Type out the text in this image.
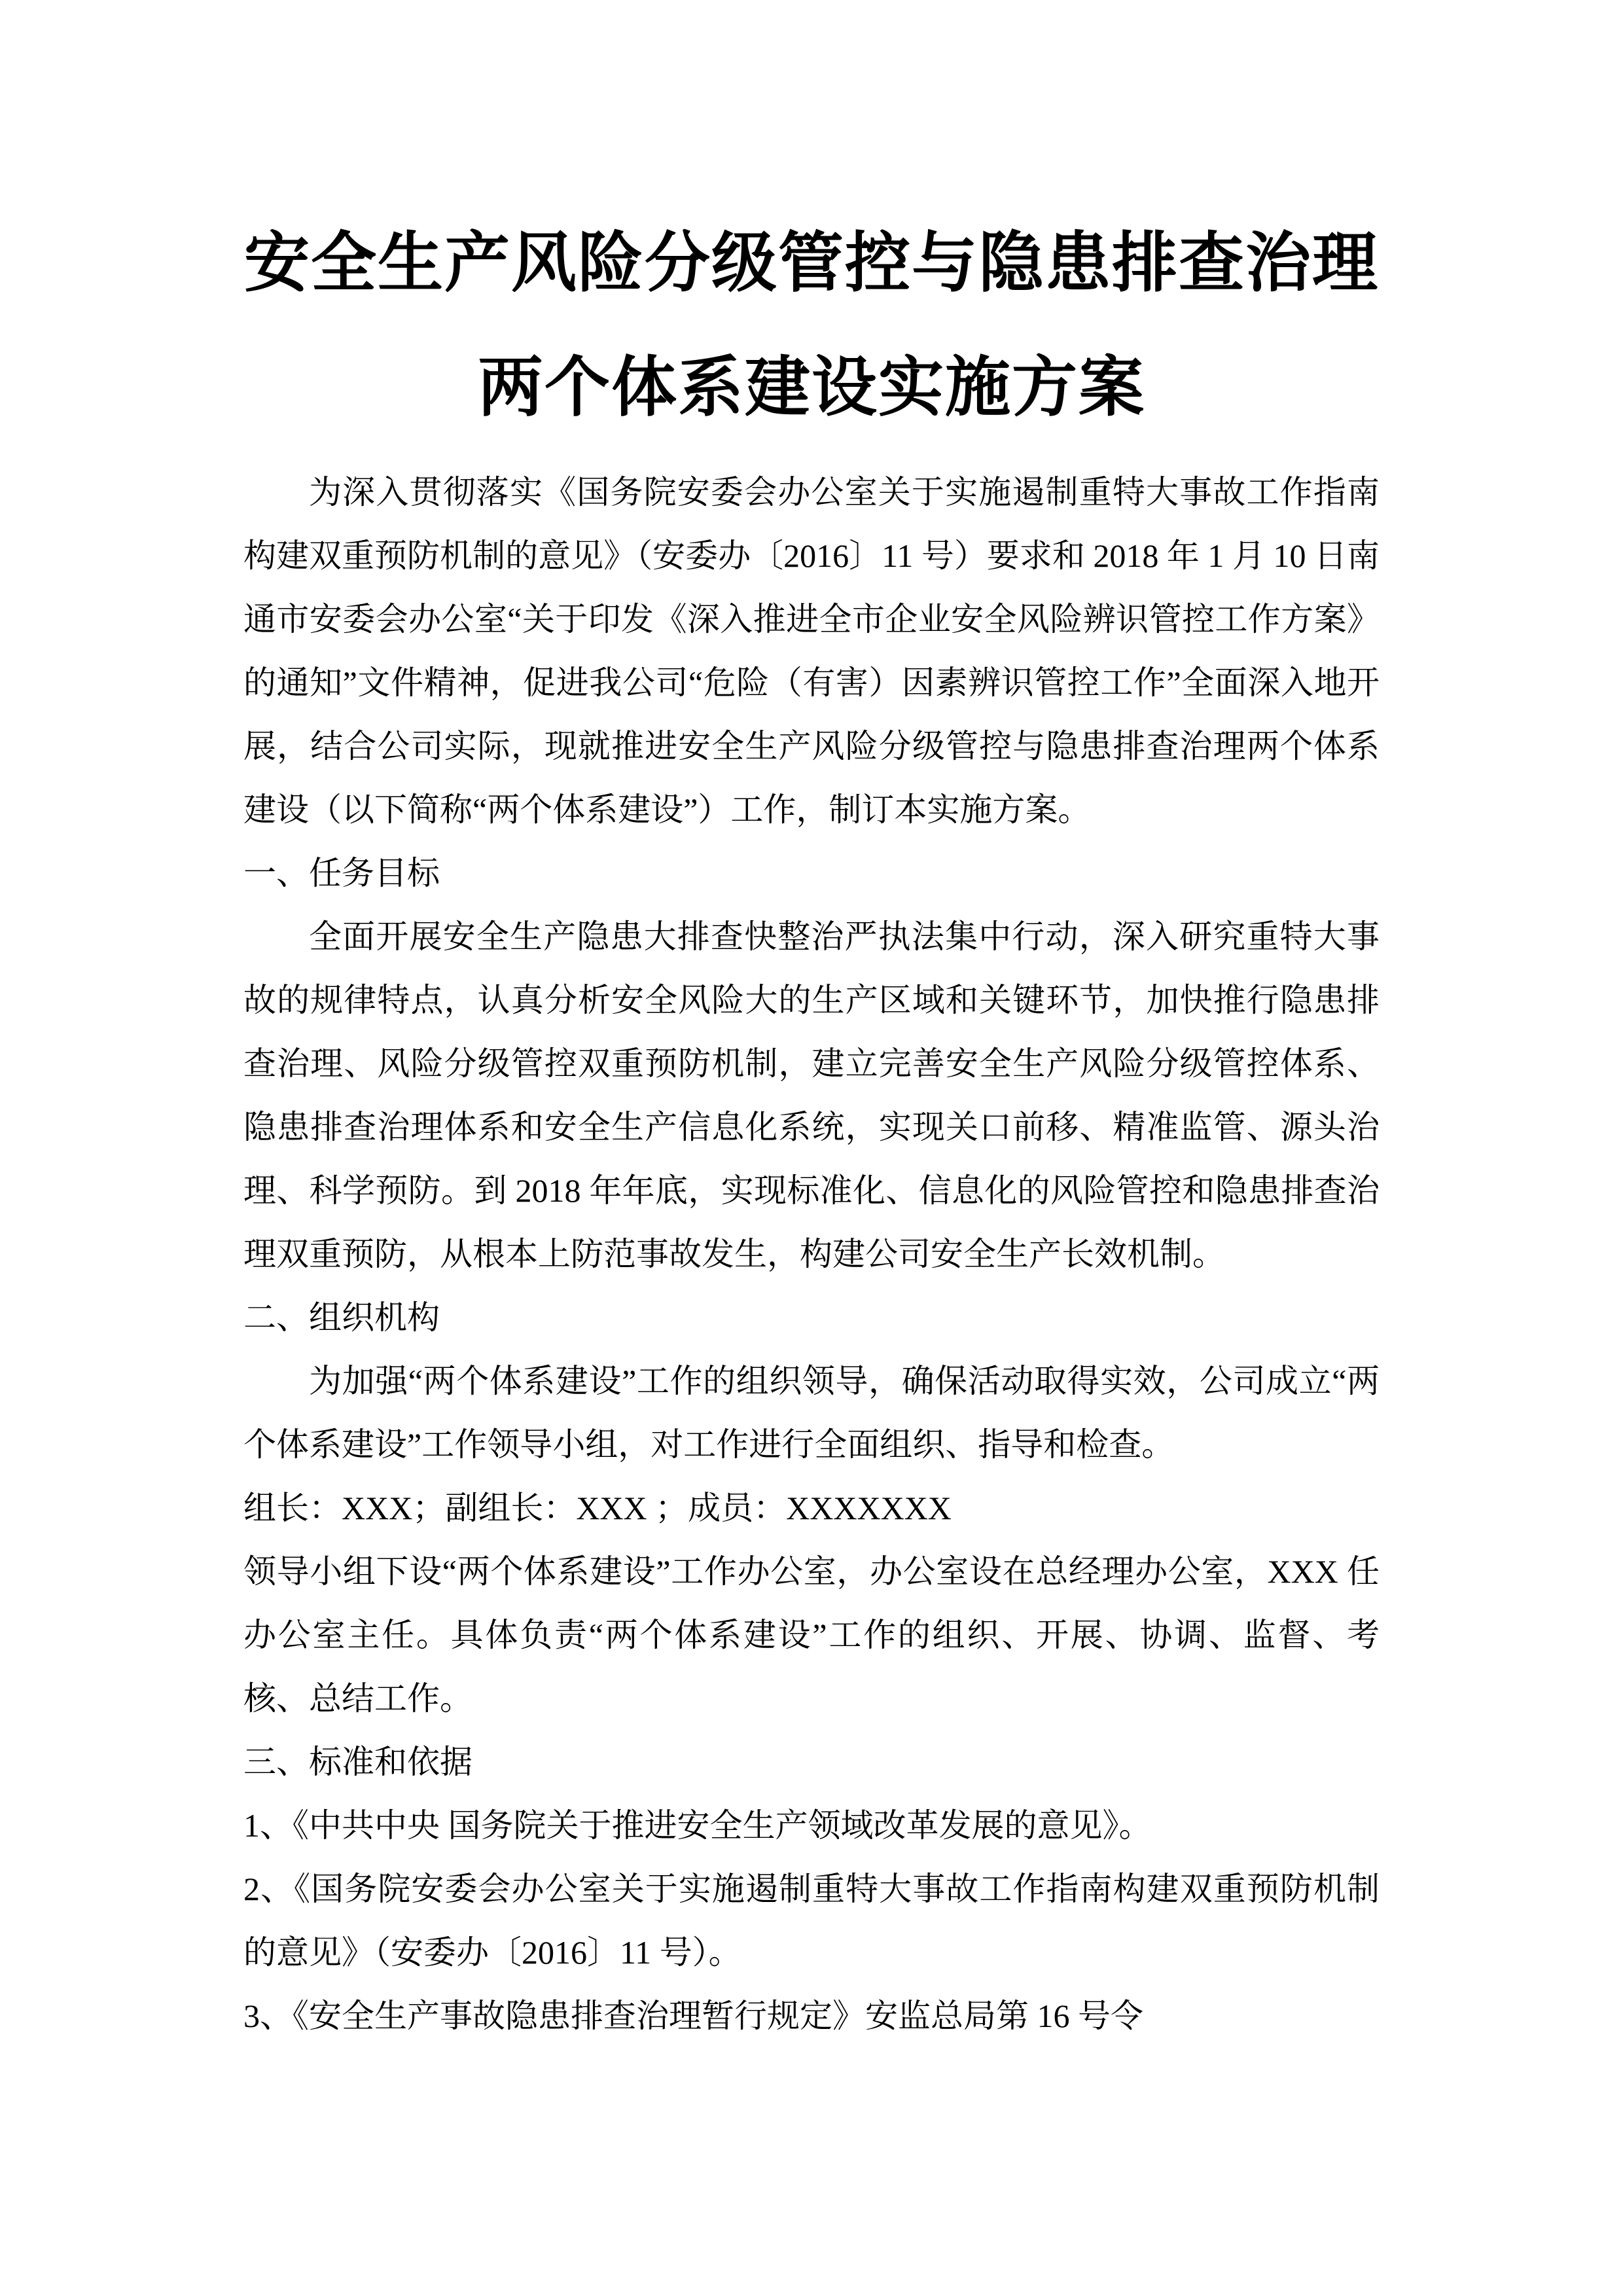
安全生产风险分级管控与隐患排查治理
两个体系建设实施方案

为深入贯彻落实《国务院安委会办公室关于实施遏制重特大事故工作指南构建双重预防机制的意见》（安委办〔2016〕11 号）要求和 2018 年 1 月 10 日南通市安委会办公室“关于印发《深入推进全市企业安全风险辨识管控工作方案》的通知”文件精神，促进我公司“危险（有害）因素辨识管控工作”全面深入地开展，结合公司实际，现就推进安全生产风险分级管控与隐患排查治理两个体系建设（以下简称“两个体系建设”）工作，制订本实施方案。

一、任务目标

全面开展安全生产隐患大排查快整治严执法集中行动，深入研究重特大事故的规律特点，认真分析安全风险大的生产区域和关键环节，加快推行隐患排查治理、风险分级管控双重预防机制，建立完善安全生产风险分级管控体系、隐患排查治理体系和安全生产信息化系统，实现关口前移、精准监管、源头治理、科学预防。到 2018 年年底，实现标准化、信息化的风险管控和隐患排查治理双重预防，从根本上防范事故发生，构建公司安全生产长效机制。

二、组织机构

为加强“两个体系建设”工作的组织领导，确保活动取得实效，公司成立“两个体系建设”工作领导小组，对工作进行全面组织、指导和检查。

组长：XXX；副组长：XXX ；成员：XXXXXXX

领导小组下设“两个体系建设”工作办公室，办公室设在总经理办公室，XXX 任办公室主任。具体负责“两个体系建设”工作的组织、开展、协调、监督、考核、总结工作。

三、标准和依据

1、《中共中央 国务院关于推进安全生产领域改革发展的意见》。

2、《国务院安委会办公室关于实施遏制重特大事故工作指南构建双重预防机制的意见》（安委办〔2016〕11 号）。

3、《安全生产事故隐患排查治理暂行规定》安监总局第 16 号令
